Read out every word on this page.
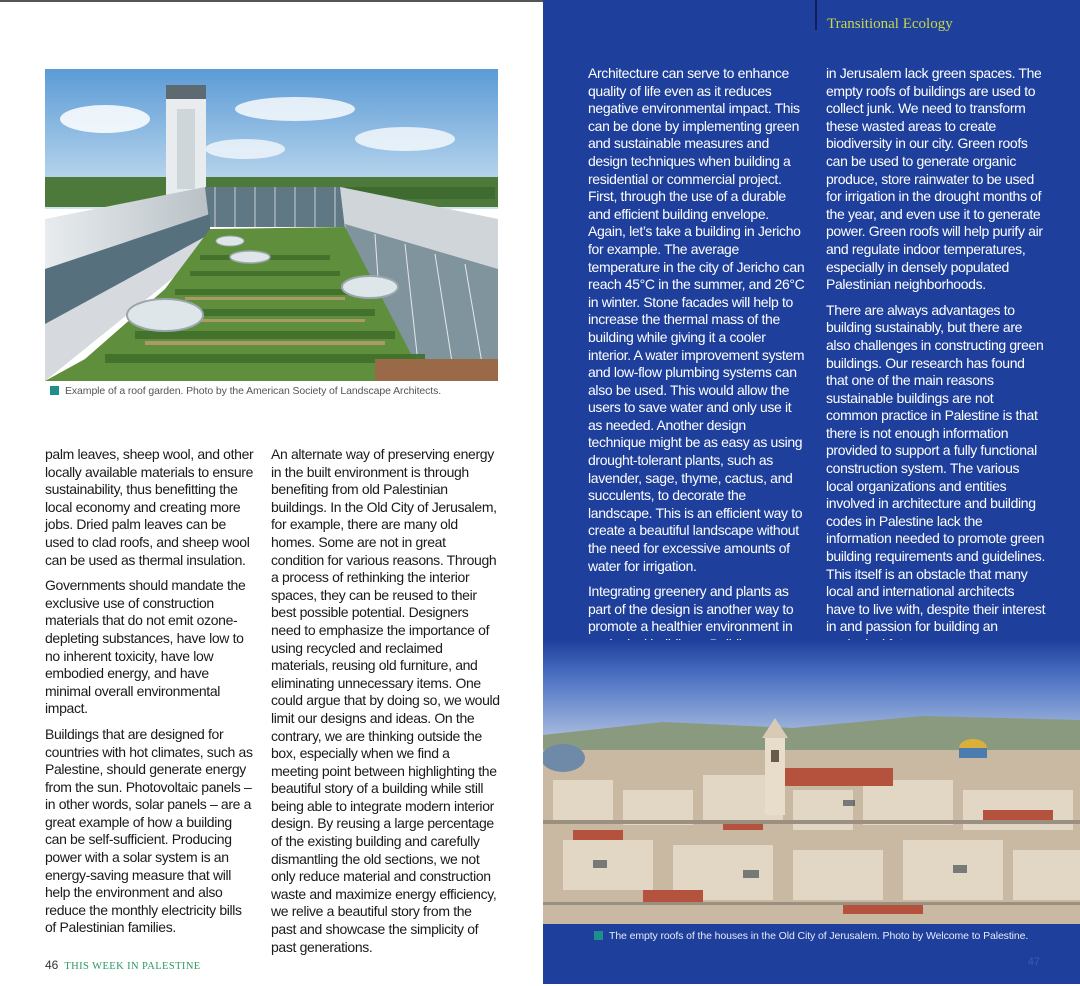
Example of a roof garden. Photo by the American Society of Landscape Architects.

palm leaves, sheep wool, and other locally available materials to ensure sustainability, thus benefitting the local economy and creating more jobs. Dried palm leaves can be used to clad roofs, and sheep wool can be used as thermal insulation.

Governments should mandate the exclusive use of construction materials that do not emit ozone-depleting substances, have low to no inherent toxicity, have low embodied energy, and have minimal overall environmental impact.

Buildings that are designed for countries with hot climates, such as Palestine, should generate energy from the sun. Photovoltaic panels – in other words, solar panels – are a great example of how a building can be self-sufficient. Producing power with a solar system is an energy-saving measure that will help the environment and also reduce the monthly electricity bills of Palestinian families.

An alternate way of preserving energy in the built environment is through benefiting from old Palestinian buildings. In the Old City of Jerusalem, for example, there are many old homes. Some are not in great condition for various reasons. Through a process of rethinking the interior spaces, they can be reused to their best possible potential. Designers need to emphasize the importance of using recycled and reclaimed materials, reusing old furniture, and eliminating unnecessary items. One could argue that by doing so, we would limit our designs and ideas. On the contrary, we are thinking outside the box, especially when we find a meeting point between highlighting the beautiful story of a building while still being able to integrate modern interior design. By reusing a large percentage of the existing building and carefully dismantling the old sections, we not only reduce material and construction waste and maximize energy efficiency, we relive a beautiful story from the past and showcase the simplicity of past generations.

46 THIS WEEK IN PALESTINE
Transitional Ecology

Architecture can serve to enhance quality of life even as it reduces negative environmental impact. This can be done by implementing green and sustainable measures and design techniques when building a residential or commercial project. First, through the use of a durable and efficient building envelope. Again, let’s take a building in Jericho for example. The average temperature in the city of Jericho can reach 45°C in the summer, and 26°C in winter. Stone facades will help to increase the thermal mass of the building while giving it a cooler interior. A water improvement system and low-flow plumbing systems can also be used. This would allow the users to save water and only use it as needed. Another design technique might be as easy as using drought-tolerant plants, such as lavender, sage, thyme, cactus, and succulents, to decorate the landscape. This is an efficient way to create a beautiful landscape without the need for excessive amounts of water for irrigation.

Integrating greenery and plants as part of the design is another way to promote a healthier environment in

in Jerusalem lack green spaces. The empty roofs of buildings are used to collect junk. We need to transform these wasted areas to create biodiversity in our city. Green roofs can be used to generate organic produce, store rainwater to be used for irrigation in the drought months of the year, and even use it to generate power. Green roofs will help purify air and regulate indoor temperatures, especially in densely populated Palestinian neighborhoods.

There are always advantages to building sustainably, but there are also challenges in constructing green buildings. Our research has found that one of the main reasons sustainable buildings are not common practice in Palestine is that there is not enough information provided to support a fully functional construction system. The various local organizations and entities involved in architecture and building codes in Palestine lack the information needed to promote green building requirements and guidelines. This itself is an obstacle that many local and international architects have to live with, despite their interest in and passion for building an

The empty roofs of the houses in the Old City of Jerusalem. Photo by Welcome to Palestine.
47
